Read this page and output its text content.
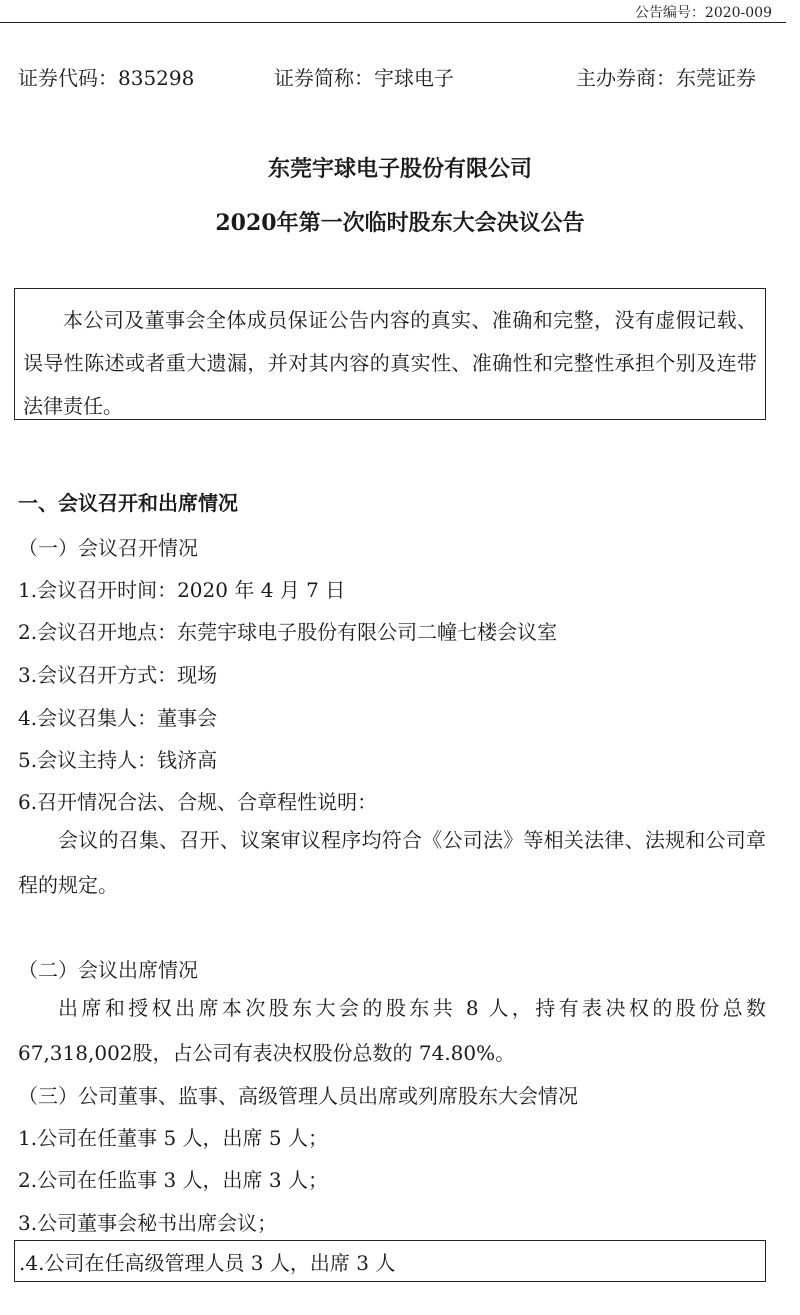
公告编号：2020-009
证券代码：835298	证券简称：宇球电子	主办券商：东莞证券
东莞宇球电子股份有限公司
2020年第一次临时股东大会决议公告

本公司及董事会全体成员保证公告内容的真实、准确和完整，没有虚假记载、误导性陈述或者重大遗漏，并对其内容的真实性、准确性和完整性承担个别及连带法律责任。

一、会议召开和出席情况
（一）会议召开情况
1.会议召开时间：2020 年 4 月 7 日
2.会议召开地点：东莞宇球电子股份有限公司二幢七楼会议室
3.会议召开方式：现场
4.会议召集人：董事会
5.会议主持人：钱济高
6.召开情况合法、合规、合章程性说明：
会议的召集、召开、议案审议程序均符合《公司法》等相关法律、法规和公司章程的规定。
（二）会议出席情况
出席和授权出席本次股东大会的股东共 8 人，持有表决权的股份总数67,318,002股，占公司有表决权股份总数的 74.80%。
（三）公司董事、监事、高级管理人员出席或列席股东大会情况
1.公司在任董事 5 人，出席 5 人；
2.公司在任监事 3 人，出席 3 人；
3.公司董事会秘书出席会议；
.4.公司在任高级管理人员 3 人，出席 3 人
